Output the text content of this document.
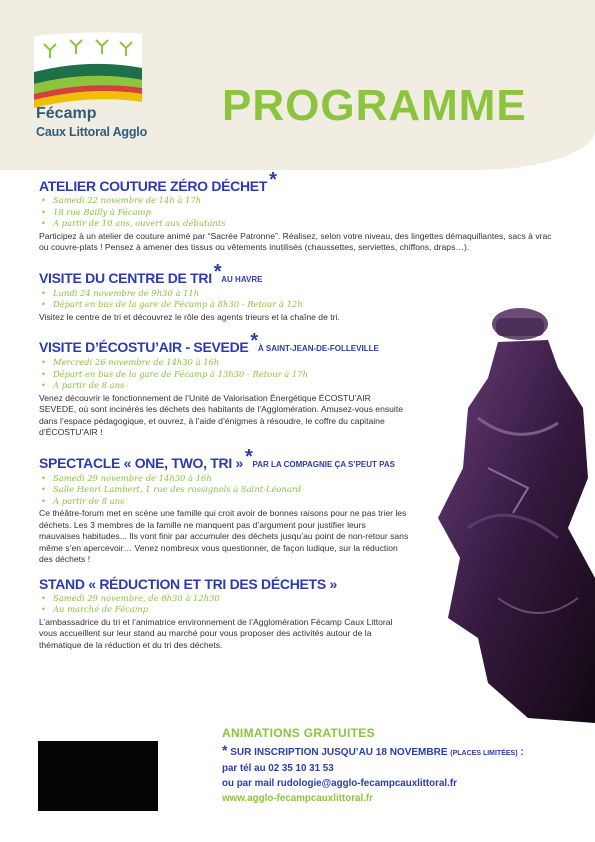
Fécamp
Caux Littoral Agglo
PROGRAMME
ATELIER COUTURE ZÉRO DÉCHET *
• Samedi 22 novembre de 14h à 17h
• 18 rue Bailly à Fécamp
• A partir de 10 ans, ouvert aux débutants

Participez à un atelier de couture animé par “Sacrée Patronne”. Réalisez, selon votre niveau, des lingettes démaquillantes, sacs à vrac ou couvre-plats ! Pensez à amener des tissus ou vêtements inutilisés (chaussettes, serviettes, chiffons, draps…).

VISITE DU CENTRE DE TRI *AU HAVRE
• Lundi 24 novembre de 9h30 à 11h
• Départ en bus de la gare de Fécamp à 8h30 - Retour à 12h

Visitez le centre de tri et découvrez le rôle des agents trieurs et la chaîne de tri.

VISITE D’ÉCOSTU’AIR - SEVEDE *À SAINT-JEAN-DE-FOLLEVILLE
• Mercredi 26 novembre de 14h30 à 16h
• Départ en bus de la gare de Fécamp à 13h30 - Retour à 17h
• A partir de 8 ans

Venez découvrir le fonctionnement de l’Unité de Valorisation Énergétique ÉCOSTU’AIR SEVEDE, où sont incinérés les déchets des habitants de l’Agglomération. Amusez-vous ensuite dans l’espace pédagogique, et ouvrez, à l’aide d’énigmes à résoudre, le coffre du capitaine d’ÉCOSTU’AIR !

SPECTACLE « ONE, TWO, TRI » *PAR LA COMPAGNIE ÇA S’PEUT PAS
• Samedi 29 novembre de 14h30 à 16h
• Salle Henri Lambert, 1 rue des rossignols à Saint-Léonard
• A partir de 8 ans

Ce théâtre-forum met en scène une famille qui croit avoir de bonnes raisons pour ne pas trier les déchets. Les 3 membres de la famille ne manquent pas d’argument pour justifier leurs mauvaises habitudes... Ils vont finir par accumuler des déchets jusqu’au point de non-retour sans même s’en apercevoir… Venez nombreux vous questionner, de façon ludique, sur la réduction des déchets !

STAND « RÉDUCTION ET TRI DES DÉCHETS »
• Samedi 29 novembre, de 8h30 à 12h30
• Au marché de Fécamp

L’ambassadrice du tri et l’animatrice environnement de l’Agglomération Fécamp Caux Littoral vous accueillent sur leur stand au marché pour vous proposer des activités autour de la thématique de la réduction et du tri des déchets.

ANIMATIONS GRATUITES
* SUR INSCRIPTION JUSQU’AU 18 NOVEMBRE (PLACES LIMITÉES) :
par tél au 02 35 10 31 53
ou par mail rudologie@agglo-fecampcauxlittoral.fr
www.agglo-fecampcauxlittoral.fr
